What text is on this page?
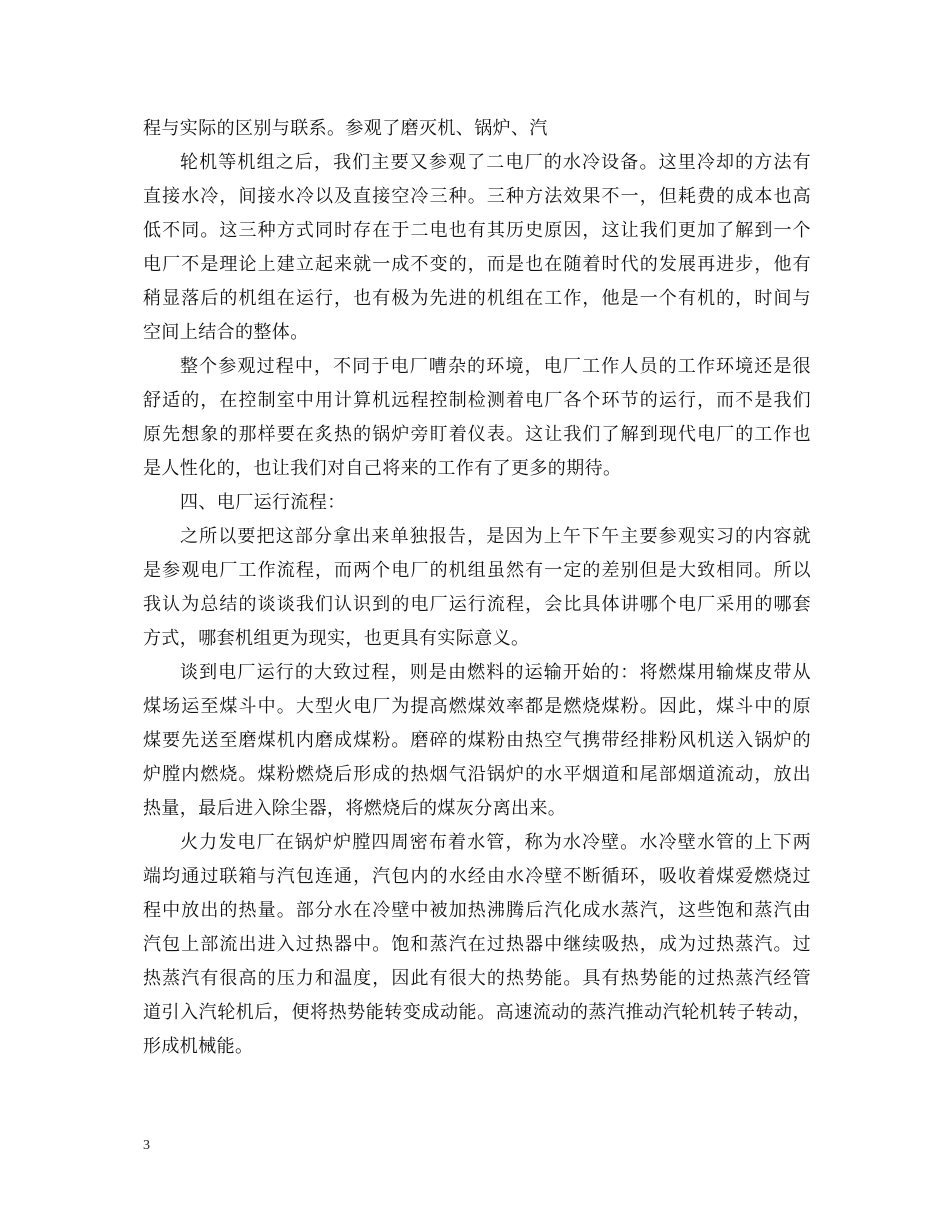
程与实际的区别与联系。参观了磨灭机、锅炉、汽
轮机等机组之后，我们主要又参观了二电厂的水冷设备。这里冷却的方法有
直接水冷，间接水冷以及直接空冷三种。三种方法效果不一，但耗费的成本也高
低不同。这三种方式同时存在于二电也有其历史原因，这让我们更加了解到一个
电厂不是理论上建立起来就一成不变的，而是也在随着时代的发展再进步，他有
稍显落后的机组在运行，也有极为先进的机组在工作，他是一个有机的，时间与
空间上结合的整体。
整个参观过程中，不同于电厂嘈杂的环境，电厂工作人员的工作环境还是很
舒适的，在控制室中用计算机远程控制检测着电厂各个环节的运行，而不是我们
原先想象的那样要在炙热的锅炉旁盯着仪表。这让我们了解到现代电厂的工作也
是人性化的，也让我们对自己将来的工作有了更多的期待。
四、电厂运行流程：
之所以要把这部分拿出来单独报告，是因为上午下午主要参观实习的内容就
是参观电厂工作流程，而两个电厂的机组虽然有一定的差别但是大致相同。所以
我认为总结的谈谈我们认识到的电厂运行流程，会比具体讲哪个电厂采用的哪套
方式，哪套机组更为现实，也更具有实际意义。
谈到电厂运行的大致过程，则是由燃料的运输开始的：将燃煤用输煤皮带从
煤场运至煤斗中。大型火电厂为提高燃煤效率都是燃烧煤粉。因此，煤斗中的原
煤要先送至磨煤机内磨成煤粉。磨碎的煤粉由热空气携带经排粉风机送入锅炉的
炉膛内燃烧。煤粉燃烧后形成的热烟气沿锅炉的水平烟道和尾部烟道流动，放出
热量，最后进入除尘器，将燃烧后的煤灰分离出来。
火力发电厂在锅炉炉膛四周密布着水管，称为水冷壁。水冷壁水管的上下两
端均通过联箱与汽包连通，汽包内的水经由水冷壁不断循环，吸收着煤爱燃烧过
程中放出的热量。部分水在冷壁中被加热沸腾后汽化成水蒸汽，这些饱和蒸汽由
汽包上部流出进入过热器中。饱和蒸汽在过热器中继续吸热，成为过热蒸汽。过
热蒸汽有很高的压力和温度，因此有很大的热势能。具有热势能的过热蒸汽经管
道引入汽轮机后，便将热势能转变成动能。高速流动的蒸汽推动汽轮机转子转动，
形成机械能。
3
